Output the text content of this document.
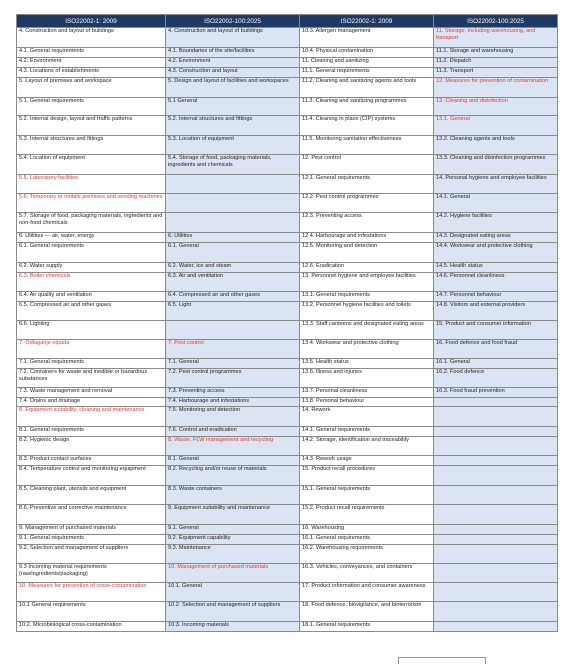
ISO22002-1: 2009	ISO22002-100:2025	ISO22002-1: 2009	ISO22002-100:2025
4. Construction and layout of buildings	4. Construction and layout of buildings	10.3. Allergen management	11. Storage, including warehousing, and transport
4.1. General requirements	4.1. Boundaries of the site/facilities	10.4. Physical contamination	11.1. Storage and warehousing
4.2. Environment	4.2. Environment	11. Cleaning and sanitizing	11.2. Dispatch
4.3. Locations of establishments	4.3. Construction and layout	11.1. General requirements	11.3. Transport
5. Layout of premises and workspace	5. Design and layout of facilities and workspaces	11.2. Cleaning and sanitizing agents and tools	12. Measures for prevention of contamination
5.1. General requirements	5.1 General	11.3. Cleaning and sanitizing programmes	13. Cleaning and disinfection
5.2. Internal design, layout and traffic patterns	5.2. Internal structures and fittings	11.4. Cleaning in place (CIP) systems	13.1. General
5.3. Internal structures and fittings	5.3. Location of equipment	11.5. Monitoring sanitation effectiveness	13.2. Cleaning agents and tools
5.4. Location of equipment	5.4. Storage of food, packaging materials, ingredients and chemicals	12. Pest control	13.3. Cleaning and disinfection programmes
5.5. Laboratory facilities		12.1. General requirements	14. Personal hygiene and employee facilities
5.6. Temporary or mobile premises and vending machines		12.2. Pest control programmes	14.1. General
5.7. Storage of food, packaging materials, ingredients and non-food chemicals		12.3. Preventing access	14.2. Hygiene facilities
6. Utilities — air, water, energy	6. Utilities	12.4. Harbourage and infestations	14.3. Designated eating areas
6.1. General requirements	6.1. General	12.5. Monitoring and detection	14.4. Workwear and protective clothing
6.2. Water supply	6.2. Water, ice and steam	12.6. Eradication	14.5. Health status
6.3. Boiler chemicals	6.3. Air and ventilation	13. Personnel hygiene and employee facilities	14.6. Personnel cleanliness
6.4. Air quality and ventilation	6.4. Compressed air and other gases	13.1. General requirements	14.7. Personnel behaviour
6.5. Compressed air and other gases	6.5. Light	13.2. Personnel hygiene facilities and toilets	14.8. Visitors and external providers
6.6. Lighting		13.3. Staff canteens and designated eating areas	15. Product and consumer information
7. Odlaganje otpada	7. Pest control	13.4. Workwear and protective clothing	16. Food defence and food fraud
7.1. General requirements	7.1. General	13.5. Health status	16.1. General
7.2. Containers for waste and inedible or hazardous substances	7.2. Pest control programmes	13.6. Illness and injuries	16.2. Food defence
7.3. Waste management and removal	7.3. Preventing access	13.7. Personal cleanliness	16.3. Food fraud prevention
7.4. Drains and drainage	7.4. Harbourage and infestations	13.8. Personal behaviour	
8. Equipment suitability, cleaning and maintenance	7.5. Monitoring and detection	14. Rework	
8.1. General requirements	7.6. Control and eradication	14.1. General requirements	
8.2. Hygienic design	8. Waste, FLW management and recycling	14.2. Storage, identification and traceability	
8.3. Product contact surfaces	8.1. General	14.3. Rework usage	
8.4. Temperature control and monitoring equipment	8.2. Recycling and/or reuse of materials	15. Product recall procedures	
8.5. Cleaning plant, utensils and equipment	8.3. Waste containers	15.1. General requirements	
8.6. Preventive and corrective maintenance	9. Equipment suitability and maintenance	15.2. Product recall requirements	
9. Management of purchased materials	9.1. General	16. Warehousing	
9.1. General requirements	9.2. Equipment capability	16.1. General requirements	
9.2. Selection and management of suppliers	9.3. Maintenance	16.2. Warehousing requirements	
9.3 Incoming material requirements (raw/ingredients/packaging)	10. Management of purchased materials	16.3. Vehicles, conveyances, and containers	
10. Measures for prevention of cross-contamination	10.1. General	17. Product information and consumer awareness	
10.1 General requirements	10.2. Selection and management of suppliers	18. Food defence, biovigilance, and bioterrorism	
10.2. Microbiological cross-contamination	10.3. Incoming materials	18.1. General requirements	
